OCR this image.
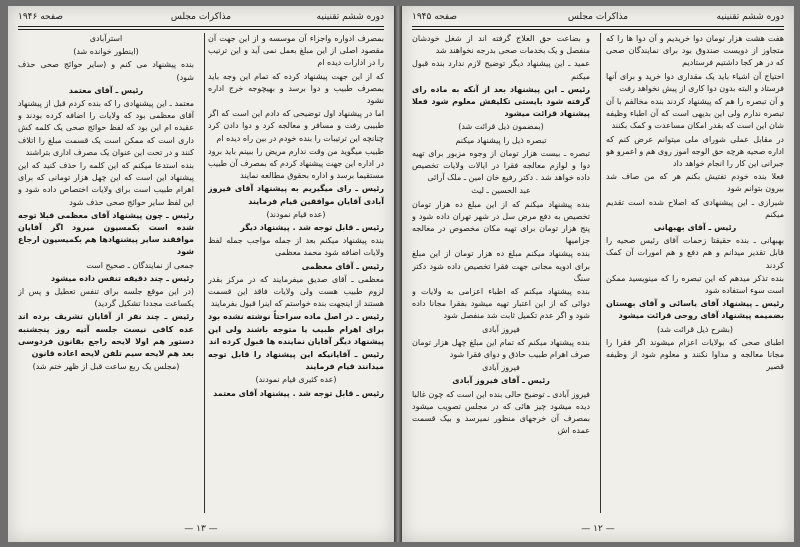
دوره ششم تقنینیه
مذاکرات مجلس
صفحه ۱۹۴۶

بمصرف ادواره واجزاء آن موسسه و از این جهت آن مقصود اصلی از این مبلغ بعمل نمی آید و این ترتیب را در ادارات دیده ام

که از این جهت پیشنهاد کرده که تمام این وجه باید بمصرف طبیب و دوا برسد و بهیچوجه خرج اداره نشود

اما در پیشنهاد اول توضیحی که دادم این است که اگر طبیبی رفت و مسافر و معالجه کرد و دوا دادن کرد چنانچه این ترتیبات را بنده خودم در بین راه دیده ام

طبیب میگوید من وقت ندارم مریض را ببینم باید برود در اداره این جهت پیشنهاد کردم که بمصرف آن طبیب مستقیما برسد و اداره بحقوق مطالعه نمایند

رئیس ـ رای میگیریم به پیشنهاد آقای فیروز آبادی آقایان موافقین قیام فرمایند

(عده قیام نمودند)

رئیس ـ قابل توجه شد . پیشنهاد دیگر

بنده پیشنهاد میکنم بعد از جمله مواجب جمله لفظ ولایات اضافه شود محمد معظمی

رئیس ـ آقای معظمی

معظمی ـ آقای صدیق میفرمایند که در مرکز بقدر لزوم طبیب هست ولی ولایات فاقد این قسمت هستند از اینجهت بنده خواستم که اینرا قبول بفرمایند

رئیس ـ در اصل ماده سراحتاً نوشته نشده بود برای اهرام طبیب یا متوجه باشند ولی این پیشنهاد دیگر آقایان نماینده ها قبول کرده اند

رئیس ـ آقایانیکه این پیشنهاد را قابل توجه میدانند قیام فرمایند

(عده کثیری قیام نمودند)

رئیس ـ قابل توجه شد . پیشنهاد آقای معتمد

استرآبادی

(اینطور خوانده شد)

بنده پیشنهاد می کنم و (سایر حوائج صحی حذف شود)

رئیس ـ آقای معتمد

معتمد ـ این پیشنهادی را که بنده کردم قبل از پیشنهاد آقای معظمی بود که ولایات را اضافه کرده بودند و عقیده ام این بود که لفظ حوائج صحی یک کلمه کش داری است که ممکن است یک قسمت مبلغ را اتلاف کنند و در تحت این عنوان یک مصرف اداری بتراشند

بنده استدعا میکنم که این کلمه را حذف کنید که این پیشنهاد این است که این چهل هزار تومانی که برای اهرام طبیب است برای ولایات اختصاص داده شود و این لفظ سایر حوائج صحی حذف شود

رئیس ـ چون پیشنهاد آقای معظمی قبلا توجه شده است بکمسیون میرود اگر آقایان موافقند سایر پیشنهادها هم بکمیسیون ارجاع شود

جمعی از نمایندگان ـ صحیح است

رئیس ـ چند دقیقه تنفس داده میشود

(در این موقع جلسه برای تنفس تعطیل و پس از یکساعت مجددا تشکیل گردید)

رئیس ـ چند نفر از آقایان تشریف برده اند عده کافی نیست جلسه آتیه روز پنجشنبه دستور هم اولا لایحه راجع بقانون فردوسی بعد هم لایحه سیم تلفن لایحه اعاده قانون

(مجلس یک ربع ساعت قبل از ظهر ختم شد)

— ۱۳ —
دوره ششم تقنینیه
مذاکرات مجلس
صفحه ۱۹۴۵

هفت هشت هزار تومان دوا خریدیم و آن دوا ها را که متجاوز از دویست صندوق بود برای نمایندگان صحی که در هر کجا داشتیم فرستادیم

احتیاج آن اشیاء باید یک مقداری دوا خرید و برای آنها فرستاد و البته بدون دوا کاری از پیش نخواهد رفت

و آن تبصره را هم که پیشنهاد کردند بنده مخالفم با آن تبصره ندارم ولی این بدیهی است که آن اطباء وظیفه شان این است که بقدر امکان مساعدت و کمک بکنند

در مقابل عملی شورای ملی میتوانم عرض کنم که اداره صحیه هرچه حق الوجه اموز روی هم و اعمرو هو جبرانی این کار را انجام خواهد داد

فعلا بنده خودم تفتیش بکنم هر که من صاف شد بیرون بتوانم شود

شیرازی ـ این پیشنهادی که اصلاح شده است تقدیم میکنم

رئیس ـ آقای بهبهانی

بهبهانی ـ بنده حقیقتا زحمات آقای رئیس صحیه را قابل تقدیر میدانم و هم دفع و هم امورات آن کمک کردند

بنده تذکر میدهم که این تبصره را که مینویسید ممکن است سوء استفاده شود

رئیس ـ پیشنهاد آقای یاسائی و آقای بهستان بضمیمه پیشنهاد آقای روحی قرائت میشود

(بشرح ذیل قرائت شد)

اطبای صحی که بولایات اعزام میشوند اگر فقرا را مجانا معالجه و مداوا نکنند و معلوم شود از وظیفه قصیر

و بضاعت حق العلاج گرفته اند از شغل خودشان منفصل و یک بخدمات صحی بدرجه نخواهند شد

عمید ـ این پیشنهاد دیگر توضیح لازم ندارد بنده قبول میکنم

رئیس ـ این پیشنهاد بعد از آنکه به ماده رای گرفته شود بایستی تکلیفش معلوم شود فعلا پیشنهاد قرائت میشود

(بمضمون ذیل قرائت شد)

تبصره ذیل را پیشنهاد میکنم

تبصره ـ بیست هزار تومان از وجوه مزبور برای تهیه دوا و لوازم معالجه فقرا در ایالات ولایات تخصیص داده خواهد شد . دکتر رفیع خان امین ـ ملک آرائی

عبد الحسین ـ لیث

بنده پیشنهاد میکنم که از این مبلغ ده هزار تومان تخصیص به دفع مرض سل در شهر تهران داده شود و پنج هزار تومان برای تهیه مکان مخصوص در معالجه جزامیها

بنده پیشنهاد میکنم مبلغ ده هزار تومان از این مبلغ برای ادویه مجانی جهت فقرا تخصیص داده شود دکتر سنگ

بنده پیشنهاد میکنم که اطباء اعزامی به ولایات و دوائی که از این اعتبار تهیه میشود بفقرا مجانا داده شود و اگر عدم تکمیل ثابت شد منفصل شود

فیروز آبادی

بنده پیشنهاد میکنم که تمام این مبلغ چهل هزار تومان صرف اهرام طبیب حاذق و دوای فقرا شود

فیروز آبادی

رئیس ـ آقای فیروز آبادی

فیروز آبادی ـ توضیح حالی بنده این است که چون غالبا دیده میشود چیز هائی که در مجلس تصویب میشود بمصرف آن خرجهای منظور نمیرسد و بیک قسمت عمده اش

— ۱۲ —
